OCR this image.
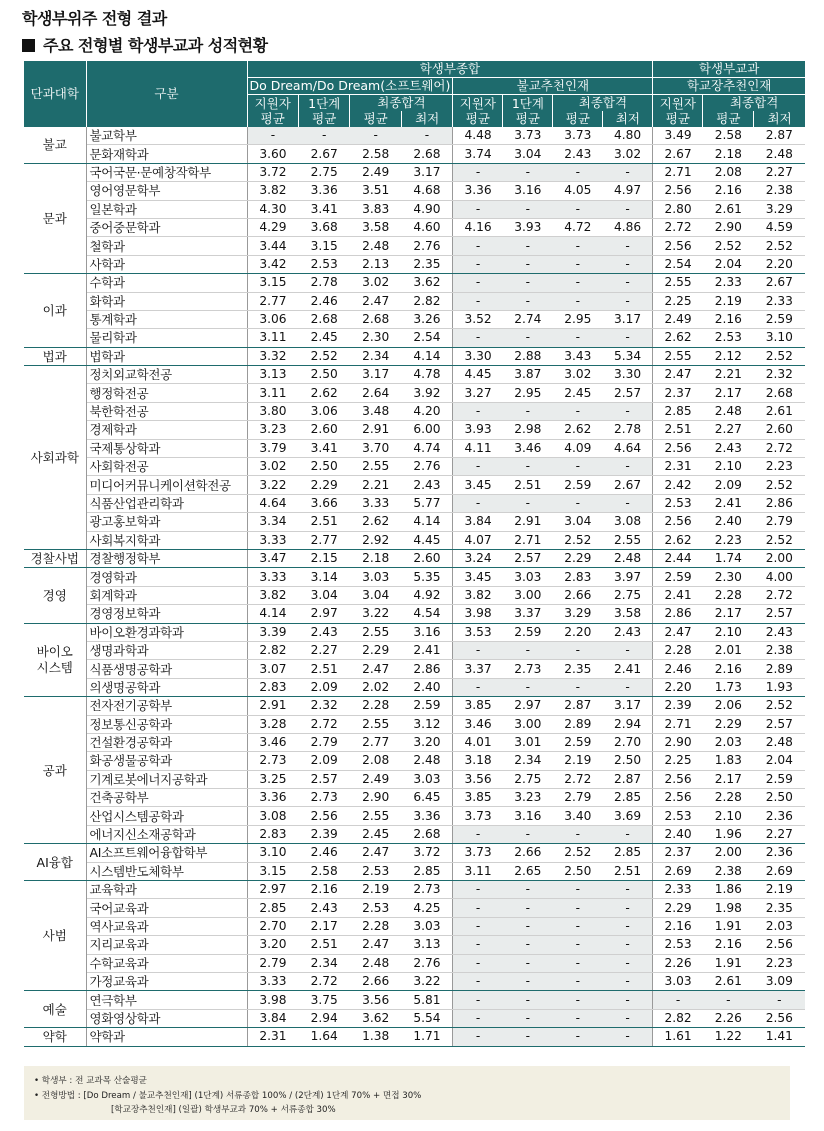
학생부위주 전형 결과
주요 전형별 학생부교과 성적현황
단과대학	구분	학생부종합								학생부교과		
		Do Dream/Do Dream(소프트웨어)				불교추천인재				학교장추천인재		
		지원자 평균	1단계 평균	최종합격		지원자 평균	1단계 평균	최종합격		지원자 평균	최종합격	
				평균	최저			평균	최저		평균	최저
불교	불교학부	-	-	-	-	4.48	3.73	3.73	4.80	3.49	2.58	2.87
	문화재학과	3.60	2.67	2.58	2.68	3.74	3.04	2.43	3.02	2.67	2.18	2.48
문과	국어국문·문예창작학부	3.72	2.75	2.49	3.17	-	-	-	-	2.71	2.08	2.27
	영어영문학부	3.82	3.36	3.51	4.68	3.36	3.16	4.05	4.97	2.56	2.16	2.38
	일본학과	4.30	3.41	3.83	4.90	-	-	-	-	2.80	2.61	3.29
	중어중문학과	4.29	3.68	3.58	4.60	4.16	3.93	4.72	4.86	2.72	2.90	4.59
	철학과	3.44	3.15	2.48	2.76	-	-	-	-	2.56	2.52	2.52
	사학과	3.42	2.53	2.13	2.35	-	-	-	-	2.54	2.04	2.20
이과	수학과	3.15	2.78	3.02	3.62	-	-	-	-	2.55	2.33	2.67
	화학과	2.77	2.46	2.47	2.82	-	-	-	-	2.25	2.19	2.33
	통계학과	3.06	2.68	2.68	3.26	3.52	2.74	2.95	3.17	2.49	2.16	2.59
	물리학과	3.11	2.45	2.30	2.54	-	-	-	-	2.62	2.53	3.10
법과	법학과	3.32	2.52	2.34	4.14	3.30	2.88	3.43	5.34	2.55	2.12	2.52
사회과학	정치외교학전공	3.13	2.50	3.17	4.78	4.45	3.87	3.02	3.30	2.47	2.21	2.32
	행정학전공	3.11	2.62	2.64	3.92	3.27	2.95	2.45	2.57	2.37	2.17	2.68
	북한학전공	3.80	3.06	3.48	4.20	-	-	-	-	2.85	2.48	2.61
	경제학과	3.23	2.60	2.91	6.00	3.93	2.98	2.62	2.78	2.51	2.27	2.60
	국제통상학과	3.79	3.41	3.70	4.74	4.11	3.46	4.09	4.64	2.56	2.43	2.72
	사회학전공	3.02	2.50	2.55	2.76	-	-	-	-	2.31	2.10	2.23
	미디어커뮤니케이션학전공	3.22	2.29	2.21	2.43	3.45	2.51	2.59	2.67	2.42	2.09	2.52
	식품산업관리학과	4.64	3.66	3.33	5.77	-	-	-	-	2.53	2.41	2.86
	광고홍보학과	3.34	2.51	2.62	4.14	3.84	2.91	3.04	3.08	2.56	2.40	2.79
	사회복지학과	3.33	2.77	2.92	4.45	4.07	2.71	2.52	2.55	2.62	2.23	2.52
경찰사법	경찰행정학부	3.47	2.15	2.18	2.60	3.24	2.57	2.29	2.48	2.44	1.74	2.00
경영	경영학과	3.33	3.14	3.03	5.35	3.45	3.03	2.83	3.97	2.59	2.30	4.00
	회계학과	3.82	3.04	3.04	4.92	3.82	3.00	2.66	2.75	2.41	2.28	2.72
	경영정보학과	4.14	2.97	3.22	4.54	3.98	3.37	3.29	3.58	2.86	2.17	2.57
바이오
시스템	바이오환경과학과	3.39	2.43	2.55	3.16	3.53	2.59	2.20	2.43	2.47	2.10	2.43
	생명과학과	2.82	2.27	2.29	2.41	-	-	-	-	2.28	2.01	2.38
	식품생명공학과	3.07	2.51	2.47	2.86	3.37	2.73	2.35	2.41	2.46	2.16	2.89
	의생명공학과	2.83	2.09	2.02	2.40	-	-	-	-	2.20	1.73	1.93
공과	전자전기공학부	2.91	2.32	2.28	2.59	3.85	2.97	2.87	3.17	2.39	2.06	2.52
	정보통신공학과	3.28	2.72	2.55	3.12	3.46	3.00	2.89	2.94	2.71	2.29	2.57
	건설환경공학과	3.46	2.79	2.77	3.20	4.01	3.01	2.59	2.70	2.90	2.03	2.48
	화공생물공학과	2.73	2.09	2.08	2.48	3.18	2.34	2.19	2.50	2.25	1.83	2.04
	기계로봇에너지공학과	3.25	2.57	2.49	3.03	3.56	2.75	2.72	2.87	2.56	2.17	2.59
	건축공학부	3.36	2.73	2.90	6.45	3.85	3.23	2.79	2.85	2.56	2.28	2.50
	산업시스템공학과	3.08	2.56	2.55	3.36	3.73	3.16	3.40	3.69	2.53	2.10	2.36
	에너지신소재공학과	2.83	2.39	2.45	2.68	-	-	-	-	2.40	1.96	2.27
AI융합	AI소프트웨어융합학부	3.10	2.46	2.47	3.72	3.73	2.66	2.52	2.85	2.37	2.00	2.36
	시스템반도체학부	3.15	2.58	2.53	2.85	3.11	2.65	2.50	2.51	2.69	2.38	2.69
사범	교육학과	2.97	2.16	2.19	2.73	-	-	-	-	2.33	1.86	2.19
	국어교육과	2.85	2.43	2.53	4.25	-	-	-	-	2.29	1.98	2.35
	역사교육과	2.70	2.17	2.28	3.03	-	-	-	-	2.16	1.91	2.03
	지리교육과	3.20	2.51	2.47	3.13	-	-	-	-	2.53	2.16	2.56
	수학교육과	2.79	2.34	2.48	2.76	-	-	-	-	2.26	1.91	2.23
	가정교육과	3.33	2.72	2.66	3.22	-	-	-	-	3.03	2.61	3.09
예술	연극학부	3.98	3.75	3.56	5.81	-	-	-	-	-	-	-
	영화영상학과	3.84	2.94	3.62	5.54	-	-	-	-	2.82	2.26	2.56
약학	약학과	2.31	1.64	1.38	1.71	-	-	-	-	1.61	1.22	1.41
• 학생부 : 전 교과목 산술평균
• 전형방법 : [Do Dream / 불교추천인재] (1단계) 서류종합 100% / (2단계) 1단계 70% + 면접 30%
[학교장추천인재] (일괄) 학생부교과 70% + 서류종합 30%
